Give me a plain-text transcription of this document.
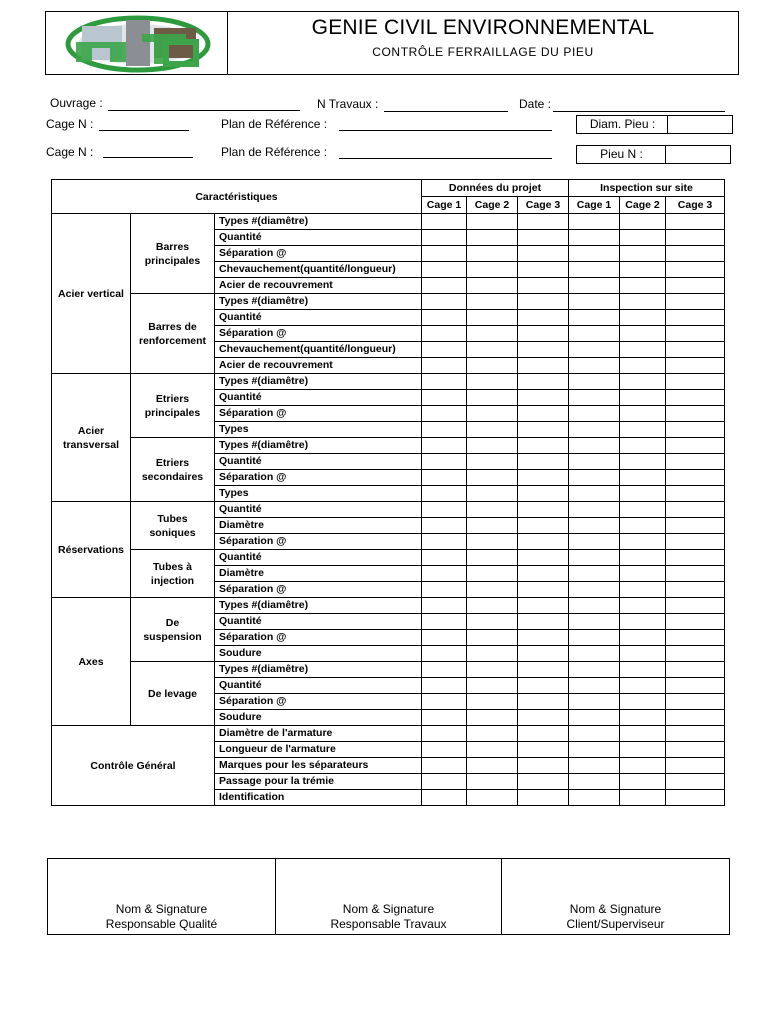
GENIE CIVIL ENVIRONNEMENTAL
CONTRÔLE FERRAILLAGE DU PIEU
Ouvrage :	N Travaux :	Date :
Cage N :	Plan de Référence :	Diam. Pieu :
Cage N :	Plan de Référence :	Pieu N :
Caractéristiques			Données du projet			Inspection sur site		
			Cage 1	Cage 2	Cage 3	Cage 1	Cage 2	Cage 3
Acier vertical	Barres principales	Types #(diamêtre)						
		Quantité						
		Séparation @						
		Chevauchement(quantité/longueur)						
		Acier de recouvrement						
	Barres de renforcement	Types #(diamêtre)						
		Quantité						
		Séparation @						
		Chevauchement(quantité/longueur)						
		Acier de recouvrement						
Acier transversal	Etriers principales	Types #(diamêtre)						
		Quantité						
		Séparation @						
		Types						
	Etriers secondaires	Types #(diamêtre)						
		Quantité						
		Séparation @						
		Types						
Réservations	Tubes soniques	Quantité						
		Diamètre						
		Séparation @						
	Tubes à injection	Quantité						
		Diamètre						
		Séparation @						
Axes	De suspension	Types #(diamêtre)						
		Quantité						
		Séparation @						
		Soudure						
	De levage	Types #(diamêtre)						
		Quantité						
		Séparation @						
		Soudure						
Contrôle Général		Diamètre de l'armature						
		Longueur de l'armature						
		Marques pour les séparateurs						
		Passage pour la trémie						
		Identification						
Nom & Signature
Responsable Qualité

Nom & Signature
Responsable Travaux

Nom & Signature
Client/Superviseur
